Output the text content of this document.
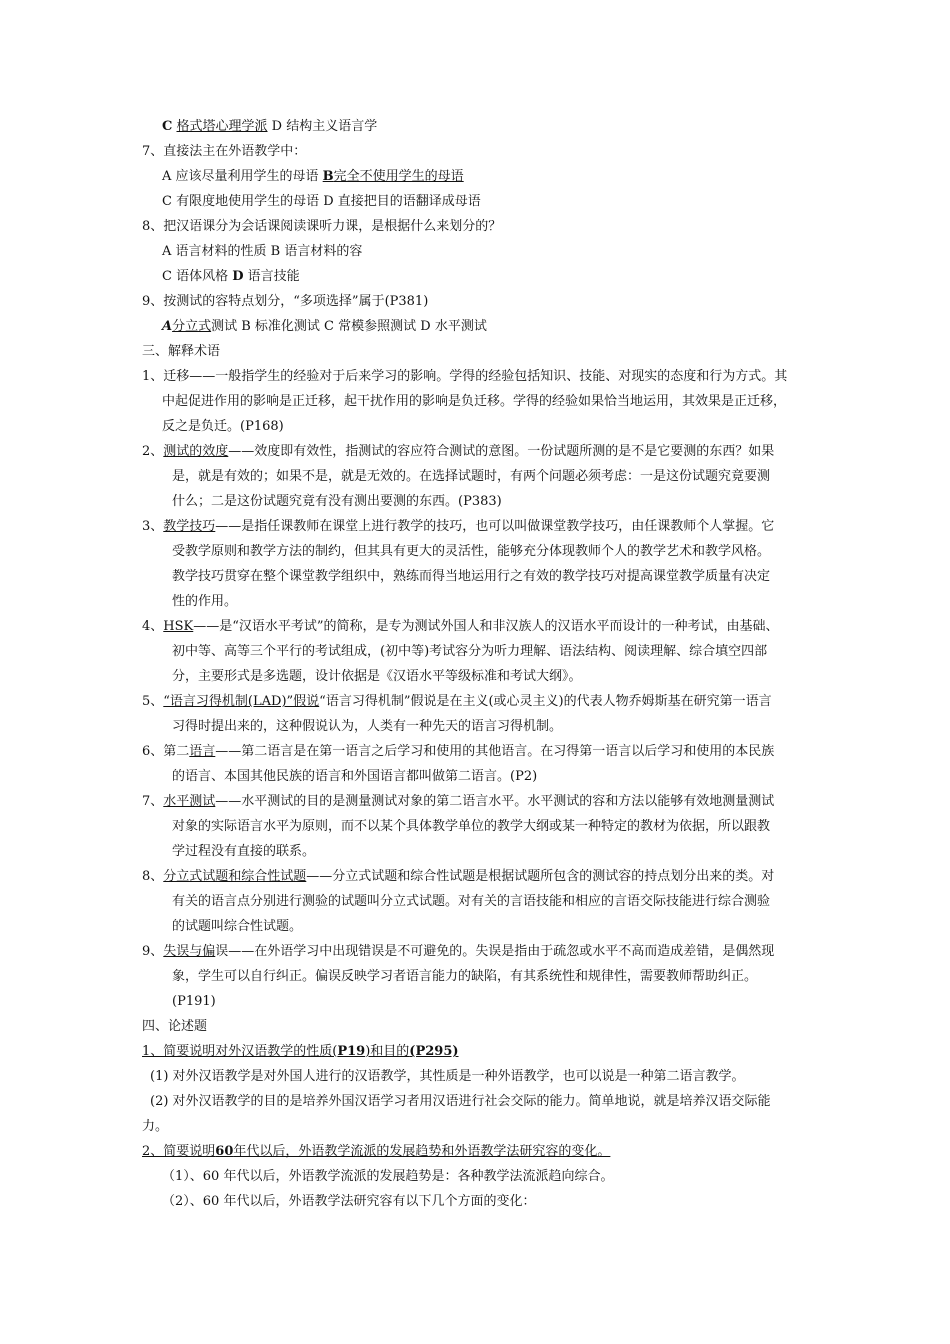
C 格式塔心理学派 D 结构主义语言学
7、直接法主在外语教学中：
A 应该尽量利用学生的母语 B完全不使用学生的母语
C 有限度地使用学生的母语 D 直接把目的语翻译成母语
8、把汉语课分为会话课阅读课听力课，是根据什么来划分的？
A 语言材料的性质 B 语言材料的容
C 语体风格 D 语言技能
9、按测试的容特点划分，“多项选择”属于(P381)
A分立式测试 B 标准化测试 C 常模参照测试 D 水平测试
三、解释术语
1、迁移——一般指学生的经验对于后来学习的影响。学得的经验包括知识、技能、对现实的态度和行为方式。其
中起促进作用的影响是正迁移，起干扰作用的影响是负迁移。学得的经验如果恰当地运用，其效果是正迁移，
反之是负迁。(P168)
2、测试的效度——效度即有效性，指测试的容应符合测试的意图。一份试题所测的是不是它要测的东西？如果
是，就是有效的；如果不是，就是无效的。在选择试题时，有两个问题必须考虑：一是这份试题究竟要测
什么；二是这份试题究竟有没有测出要测的东西。(P383)
3、教学技巧——是指任课教师在课堂上进行教学的技巧，也可以叫做课堂教学技巧，由任课教师个人掌握。它
受教学原则和教学方法的制约，但其具有更大的灵活性，能够充分体现教师个人的教学艺术和教学风格。
教学技巧贯穿在整个课堂教学组织中，熟练而得当地运用行之有效的教学技巧对提高课堂教学质量有决定
性的作用。
4、HSK——是“汉语水平考试”的简称，是专为测试外国人和非汉族人的汉语水平而设计的一种考试，由基础、
初中等、高等三个平行的考试组成，(初中等)考试容分为听力理解、语法结构、阅读理解、综合填空四部
分，主要形式是多选题，设计依据是《汉语水平等级标准和考试大纲》。
5、“语言习得机制(LAD)”假说“语言习得机制”假说是在主义(或心灵主义)的代表人物乔姆斯基在研究第一语言
习得时提出来的，这种假说认为，人类有一种先天的语言习得机制。
6、第二语言——第二语言是在第一语言之后学习和使用的其他语言。在习得第一语言以后学习和使用的本民族
的语言、本国其他民族的语言和外国语言都叫做第二语言。(P2)
7、水平测试——水平测试的目的是测量测试对象的第二语言水平。水平测试的容和方法以能够有效地测量测试
对象的实际语言水平为原则，而不以某个具体教学单位的教学大纲或某一种特定的教材为依据，所以跟教
学过程没有直接的联系。
8、分立式试题和综合性试题——分立式试题和综合性试题是根据试题所包含的测试容的持点划分出来的类。对
有关的语言点分别进行测验的试题叫分立式试题。对有关的言语技能和相应的言语交际技能进行综合测验
的试题叫综合性试题。
9、失误与偏误——在外语学习中出现错误是不可避免的。失误是指由于疏忽或水平不高而造成差错，是偶然现
象，学生可以自行纠正。偏误反映学习者语言能力的缺陷，有其系统性和规律性，需要教师帮助纠正。
(P191)
四、论述题
1、简要说明对外汉语教学的性质(P19)和目的(P295)
(1) 对外汉语教学是对外国人进行的汉语教学，其性质是一种外语教学，也可以说是一种第二语言教学。
(2) 对外汉语教学的目的是培养外国汉语学习者用汉语进行社会交际的能力。简单地说，就是培养汉语交际能
力。
2、简要说明60年代以后，外语教学流派的发展趋势和外语教学法研究容的变化。
（1）、60 年代以后，外语教学流派的发展趋势是：各种教学法流派趋向综合。
（2）、60 年代以后，外语教学法研究容有以下几个方面的变化：
